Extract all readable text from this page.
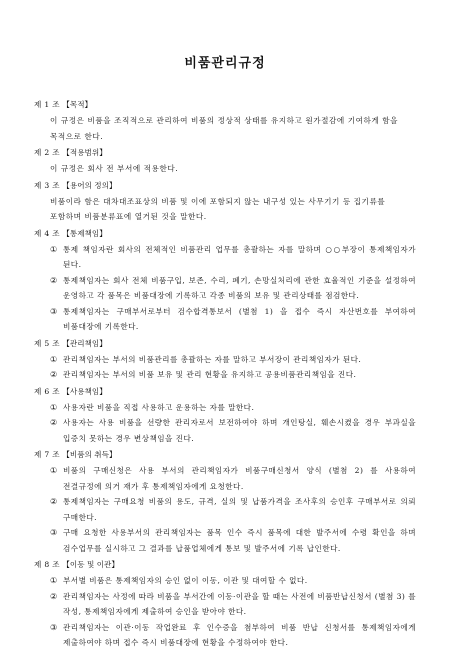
비품관리규정

제 1 조 【목적】

이 규정은 비품을 조직적으로 관리하여 비품의 정상적 상태를 유지하고 원가절감에 기여하게 함을 목적으로 한다.

제 2 조 【적용범위】

이 규정은 회사 전 부서에 적용한다.

제 3 조 【용어의 정의】

비품이라 함은 대차대조표상의 비품 및 이에 포함되지 않는 내구성 있는 사무기기 등 집기류를 포함하며 비품분류표에 열거된 것을 말한다.

제 4 조 【통제책임】

① 통제 책임자란 회사의 전체적인 비품관리 업무를 총괄하는 자를 말하며 ○○부장이 통제책임자가 된다.
② 통제책임자는 회사 전체 비품구입, 보존, 수리, 폐기, 손망실처리에 관한 효율적인 기준을 설정하여 운영하고 각 품목은 비품대장에 기록하고 각종 비품의 보유 및 관리상태를 점검한다.
③ 통제책임자는 구매부서로부터 검수합격통보서 (별첨 1) 을 접수 즉시 자산번호를 부여하여 비품대장에 기록한다.

제 5 조 【관리책임】

① 관리책임자는 부서의 비품관리를 총괄하는 자를 말하고 부서장이 관리책임자가 된다.
② 관리책임자는 부서의 비품 보유 및 관리 현황을 유지하고 공용비품관리책임을 진다.

제 6 조 【사용책임】

① 사용자란 비품을 직접 사용하고 운용하는 자를 말한다.
② 사용자는 사용 비품을 선량한 관리자로서 보전하여야 하며 개인탕실, 훼손시켰을 경우 부과실을 입증치 못하는 경우 변상책임을 진다.

제 7 조 【비품의 취득】

① 비품의 구매신청은 사용 부서의 관리책임자가 비품구매신청서 양식 (별첨 2) 를 사용하여 전결규정에 의거 재가 후 통제책임자에게 요청한다.
② 통제책임자는 구매요청 비품의 용도, 규격, 실의 및 납품가격을 조사후의 승인후 구매부서로 의뢰 구매한다.
③ 구매 요청한 사용부서의 관리책임자는 품목 인수 즉시 품목에 대한 발주서에 수령 확인을 하며 검수업무를 실시하고 그 결과를 납품업체에게 통보 및 발주서에 기록 납인한다.

제 8 조 【이동 및 이관】

① 부서별 비품은 통제책임자의 승인 없이 이동, 이관 및 대여할 수 없다.
② 관리책임자는 사정에 따라 비품을 부서간에 이동·이관을 할 때는 사전에 비품반납신청서 (별첨 3) 를 작성, 통제책임자에게 제출하여 승인을 받아야 한다.
③ 관리책임자는 이관·이동 작업완료 후 인수증을 첨부하여 비품 반납 신청서를 통제책임자에게 제출하여야 하며 접수 즉시 비품대장에 현황을 수정하여야 한다.
